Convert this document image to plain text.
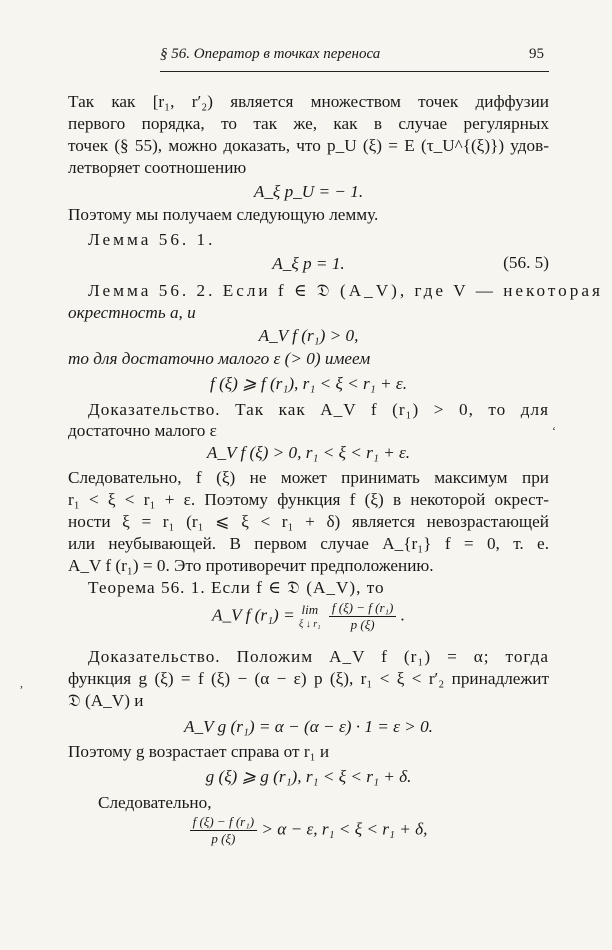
§ 56. Оператор в точках переноса	95
Так как [r₁, r′₂) является множеством точек диффузии
первого порядка, то так же, как в случае регулярных
точек (§ 55), можно доказать, что p_U (ξ) = E (τ_U^{(ξ)}) удов-
летворяет соотношению
A_ξ p_U = − 1.
Поэтому мы получаем следующую лемму.
Лемма 56. 1.
A_ξ p = 1.	(56. 5)
Лемма 56. 2. Если f ∈ 𝔇 (A_V), где V — некоторая
окрестность a, и
A_V f (r₁) > 0,
то для достаточно малого ε (> 0) имеем
f (ξ) ⩾ f (r₁), r₁ < ξ < r₁ + ε.
Доказательство. Так как A_V f (r₁) > 0, то для
достаточно малого ε	ʻ
A_V f (ξ) > 0, r₁ < ξ < r₁ + ε.
Следовательно, f (ξ) не может принимать максимум при
r₁ < ξ < r₁ + ε. Поэтому функция f (ξ) в некоторой окрест-
ности ξ = r₁ (r₁ ⩽ ξ < r₁ + δ) является невозрастающей
или неубывающей. В первом случае A_{r₁} f = 0, т. е.
A_V f (r₁) = 0. Это противоречит предположению.
Теорема 56. 1. Если f ∈ 𝔇 (A_V), то
A_V f (r₁) = lim
ξ ↓ r₁
$\frac{\text{f (ξ) − f (r₁)}}{p (\xi)}$ .
Доказательство. Положим A_V f (r₁) = α; тогда
функция g (ξ) = f (ξ) − (α − ε) p (ξ), r₁ < ξ < r′₂ принадлежит
𝔇 (A_V) и
,
A_V g (r₁) = α − (α − ε) · 1 = ε > 0.
Поэтому g возрастает справа от r₁ и
g (ξ) ⩾ g (r₁), r₁ < ξ < r₁ + δ.
Следовательно,
$\frac{\text{f (ξ) − f (r₁)}}{p (\xi)} > \alpha - \varepsilon$, r₁ < ξ < r₁ + δ,
